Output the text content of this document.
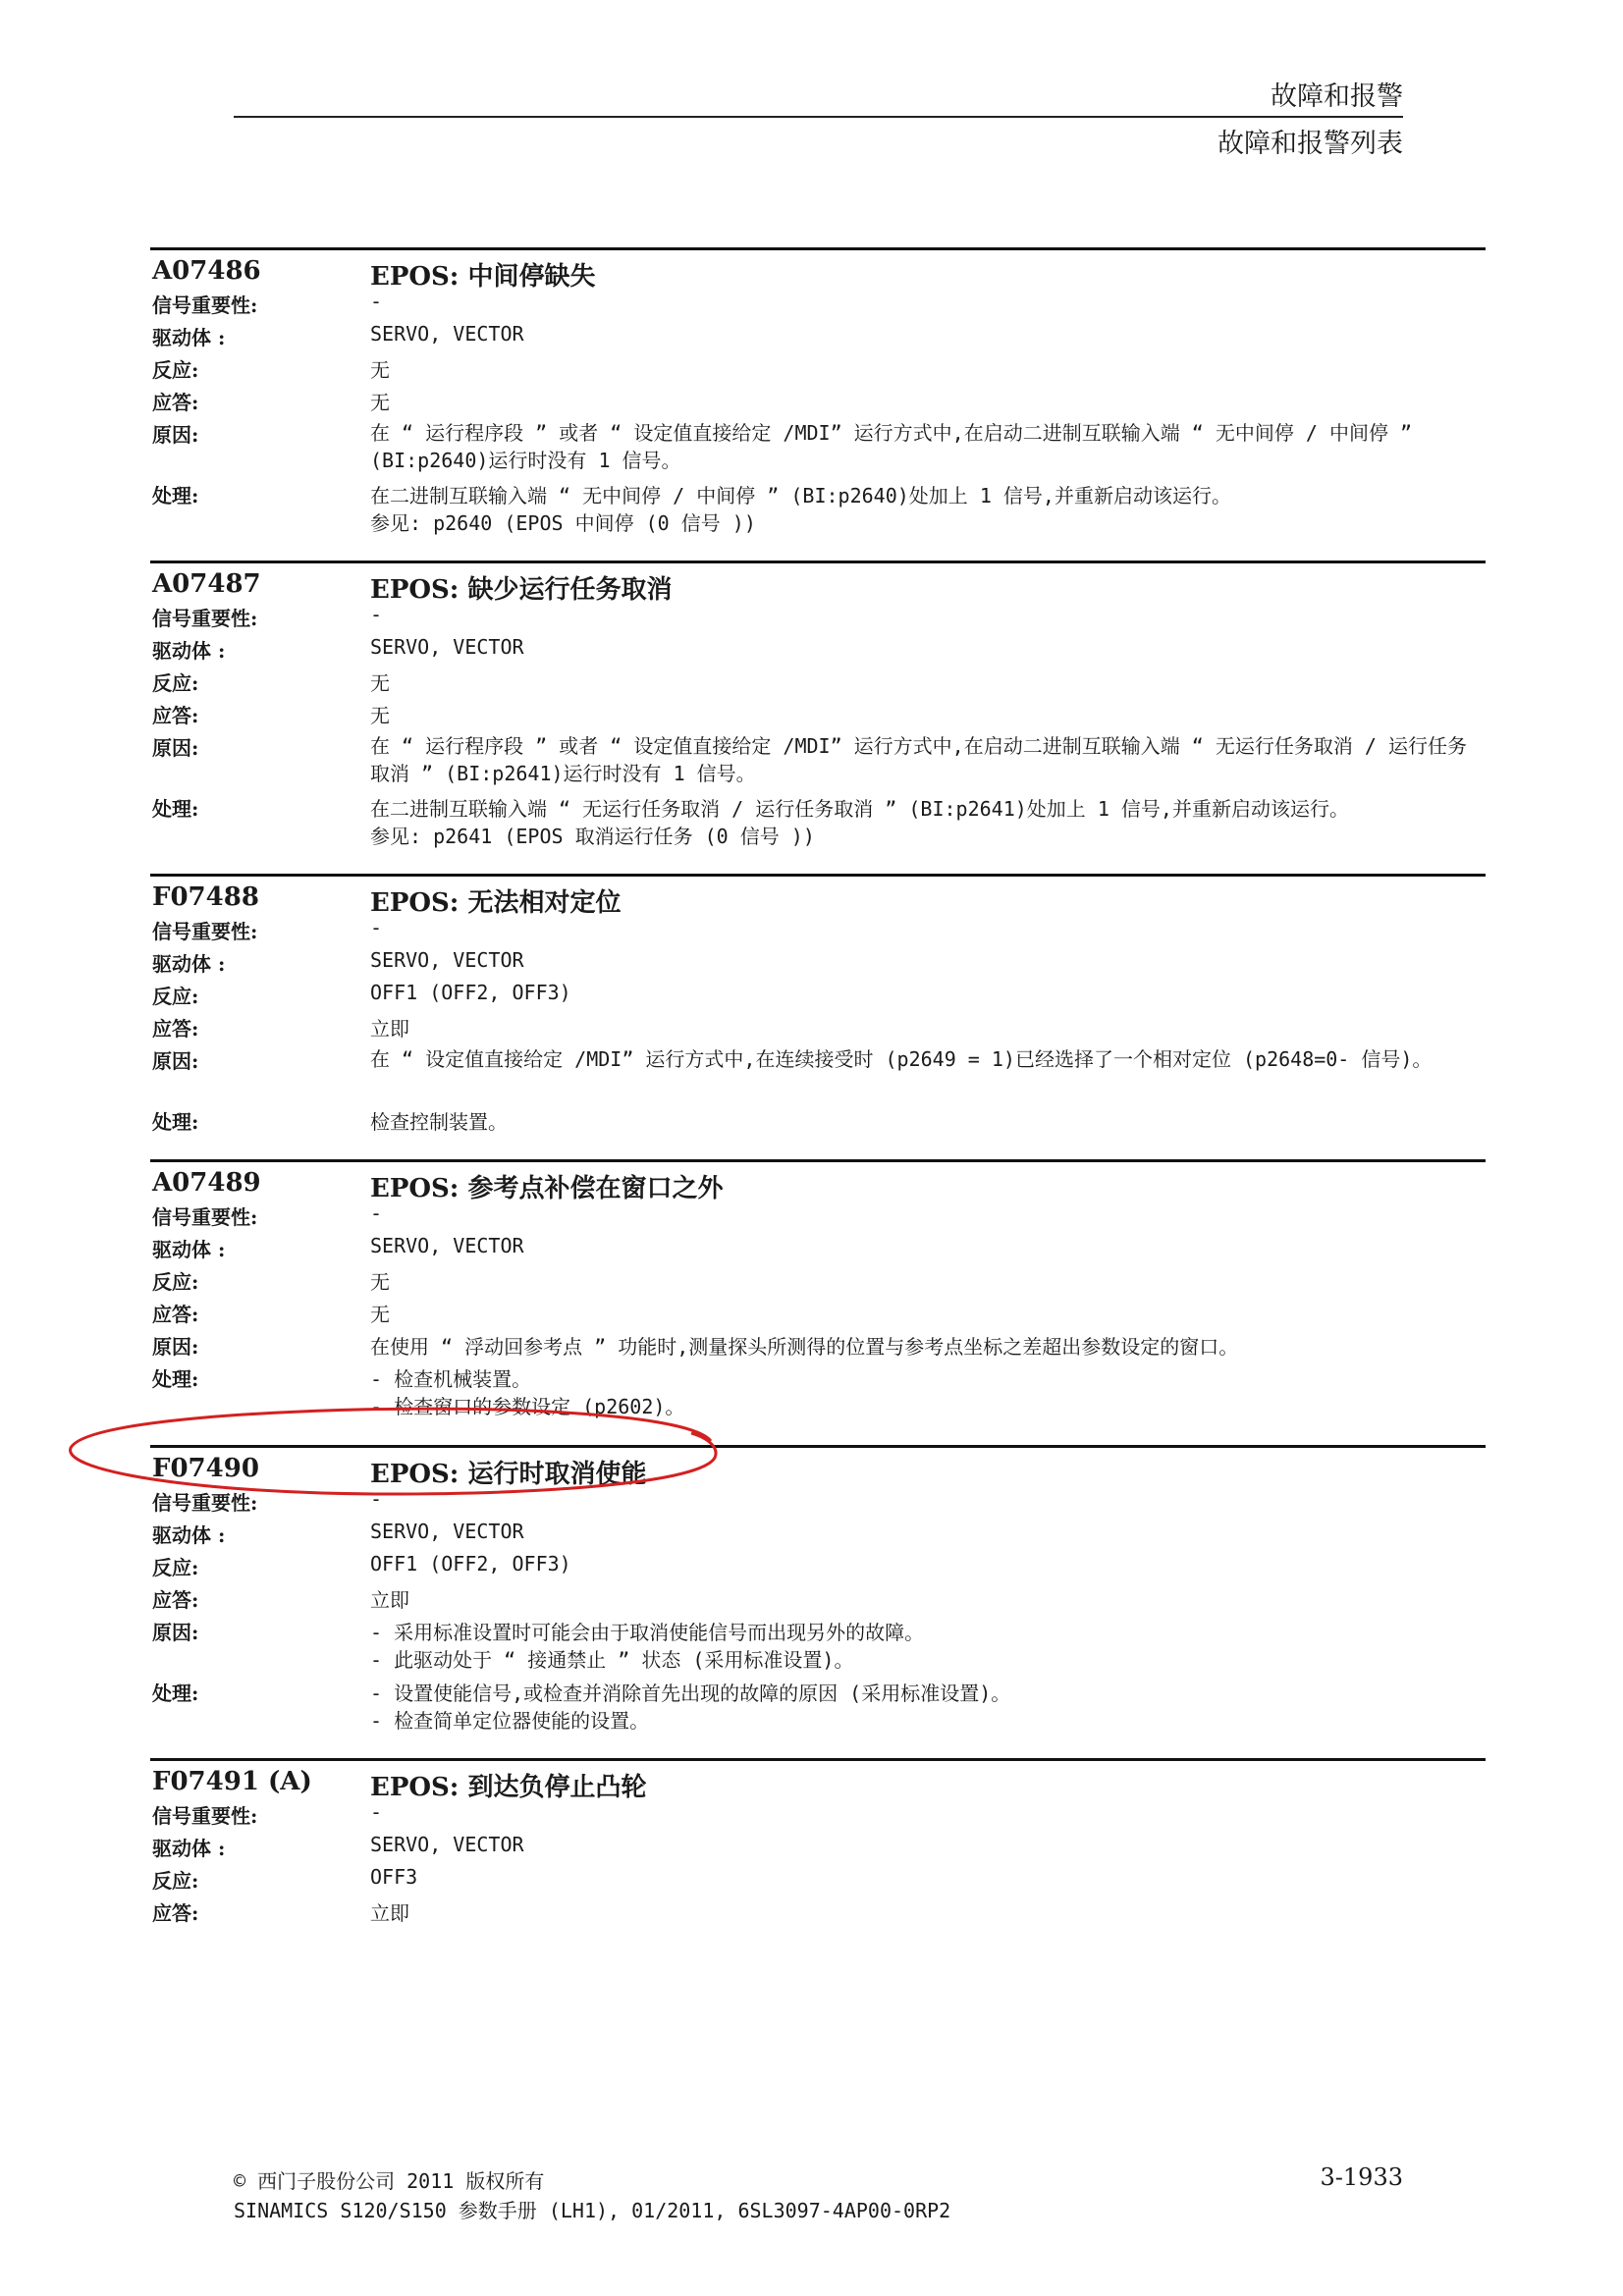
故障和报警
故障和报警列表
A07486	EPOS: 中间停缺失
信号重要性:	-
驱动体 :	SERVO, VECTOR
反应:	无
应答:	无
原因:	在 “ 运行程序段 ” 或者 “ 设定值直接给定 /MDI” 运行方式中,在启动二进制互联输入端 “ 无中间停 / 中间停 ” (BI:p2640)运行时没有 1 信号。
处理:	在二进制互联输入端 “ 无中间停 / 中间停 ” (BI:p2640)处加上 1 信号,并重新启动该运行。
参见: p2640 (EPOS 中间停 (0 信号 ))
A07487	EPOS: 缺少运行任务取消
信号重要性:	-
驱动体 :	SERVO, VECTOR
反应:	无
应答:	无
原因:	在 “ 运行程序段 ” 或者 “ 设定值直接给定 /MDI” 运行方式中,在启动二进制互联输入端 “ 无运行任务取消 / 运行任务取消 ” (BI:p2641)运行时没有 1 信号。
处理:	在二进制互联输入端 “ 无运行任务取消 / 运行任务取消 ” (BI:p2641)处加上 1 信号,并重新启动该运行。
参见: p2641 (EPOS 取消运行任务 (0 信号 ))
F07488	EPOS: 无法相对定位
信号重要性:	-
驱动体 :	SERVO, VECTOR
反应:	OFF1 (OFF2, OFF3)
应答:	立即
原因:	在 “ 设定值直接给定 /MDI” 运行方式中,在连续接受时 (p2649 = 1)已经选择了一个相对定位 (p2648=0- 信号)。
处理:	检查控制装置。
A07489	EPOS: 参考点补偿在窗口之外
信号重要性:	-
驱动体 :	SERVO, VECTOR
反应:	无
应答:	无
原因:	在使用 “ 浮动回参考点 ” 功能时,测量探头所测得的位置与参考点坐标之差超出参数设定的窗口。
处理:	- 检查机械装置。
- 检查窗口的参数设定 (p2602)。
F07490	EPOS: 运行时取消使能
信号重要性:	-
驱动体 :	SERVO, VECTOR
反应:	OFF1 (OFF2, OFF3)
应答:	立即
原因:	- 采用标准设置时可能会由于取消使能信号而出现另外的故障。
- 此驱动处于 “ 接通禁止 ” 状态 (采用标准设置)。
处理:	- 设置使能信号,或检查并消除首先出现的故障的原因 (采用标准设置)。
- 检查简单定位器使能的设置。
F07491 (A) EPOS: 到达负停止凸轮
信号重要性:	-
驱动体 :	SERVO, VECTOR
反应:	OFF3
应答:	立即
© 西门子股份公司 2011 版权所有
SINAMICS S120/S150 参数手册 (LH1), 01/2011, 6SL3097-4AP00-0RP2
3-1933
